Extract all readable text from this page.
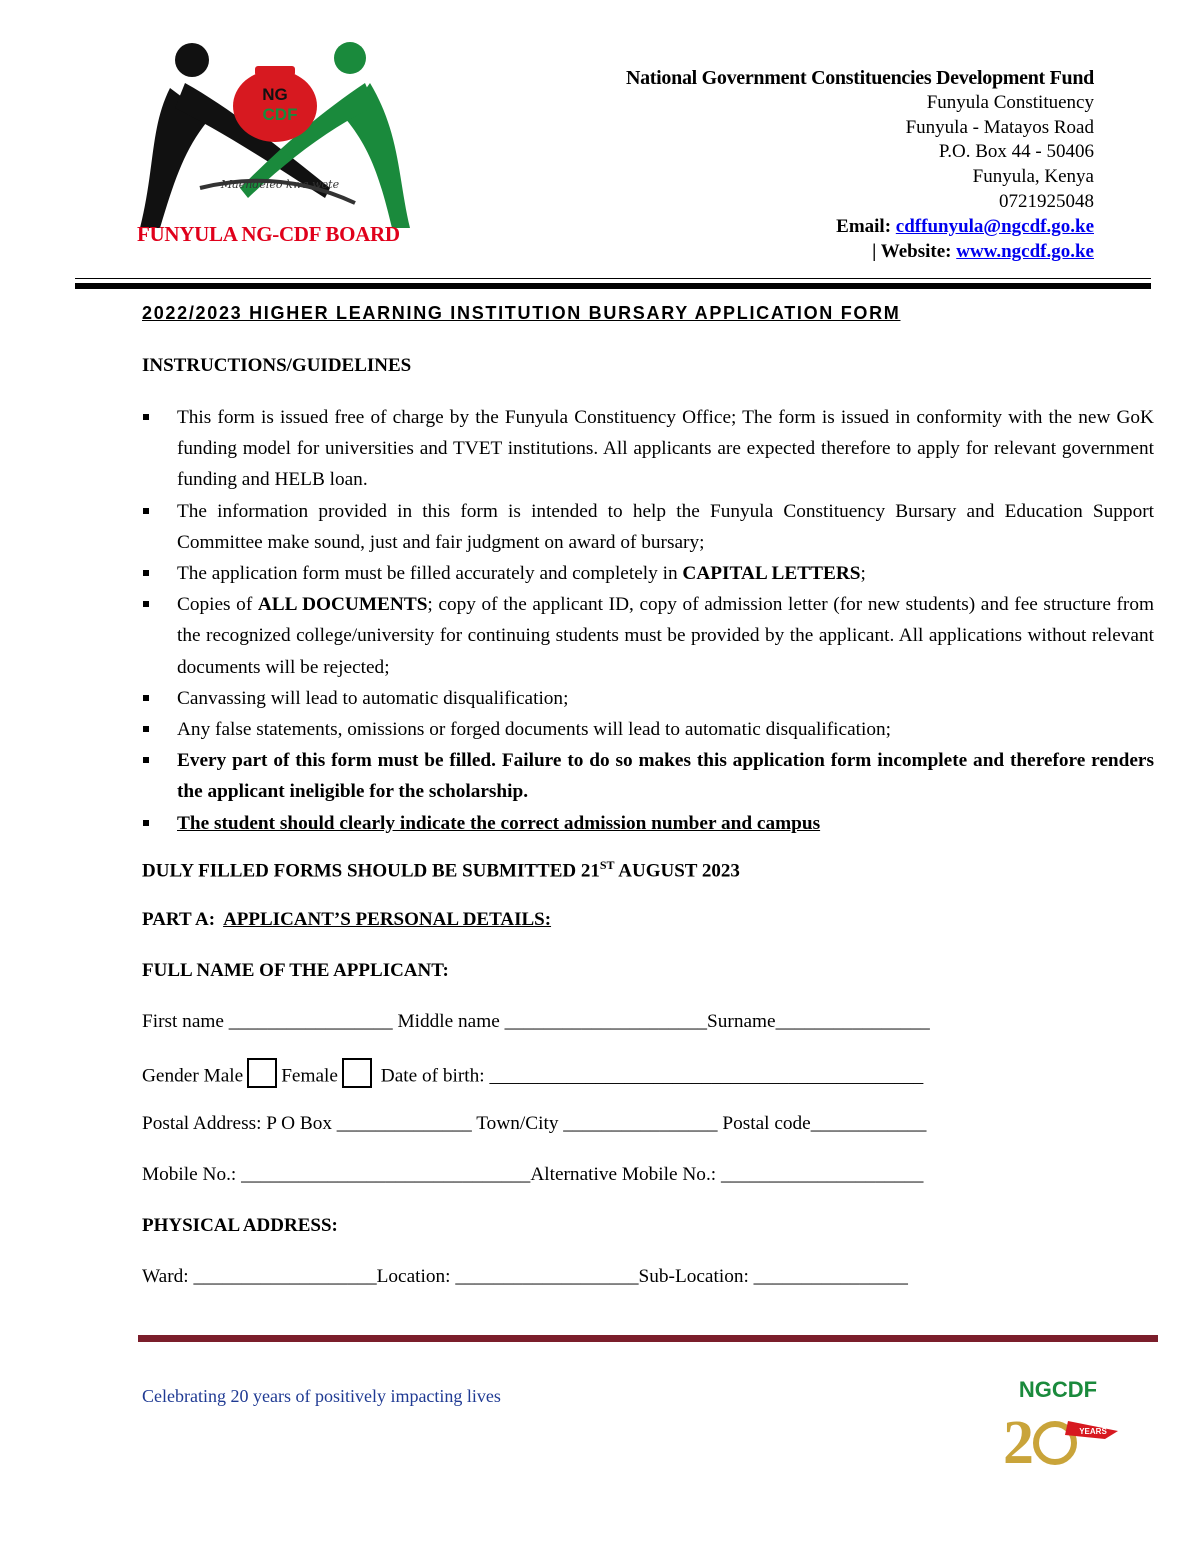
NG
CDF
Maendeleo kwa wote
FUNYULA NG-CDF BOARD
National Government Constituencies Development Fund
Funyula Constituency
Funyula - Matayos Road
P.O. Box 44 - 50406
Funyula, Kenya
0721925048
Email: cdffunyula@ngcdf.go.ke
| Website: www.ngcdf.go.ke
2022/2023 HIGHER LEARNING INSTITUTION BURSARY APPLICATION FORM
INSTRUCTIONS/GUIDELINES
This form is issued free of charge by the Funyula Constituency Office; The form is issued in conformity with the new GoK funding model for universities and TVET institutions. All applicants are expected therefore to apply for relevant government funding and HELB loan.
The information provided in this form is intended to help the Funyula Constituency Bursary and Education Support Committee make sound, just and fair judgment on award of bursary;
The application form must be filled accurately and completely in CAPITAL LETTERS;
Copies of ALL DOCUMENTS; copy of the applicant ID, copy of admission letter (for new students) and fee structure from the recognized college/university for continuing students must be provided by the applicant. All applications without relevant documents will be rejected;
Canvassing will lead to automatic disqualification;
Any false statements, omissions or forged documents will lead to automatic disqualification;
Every part of this form must be filled. Failure to do so makes this application form incomplete and therefore renders the applicant ineligible for the scholarship.
The student should clearly indicate the correct admission number and campus
DULY FILLED FORMS SHOULD BE SUBMITTED 21ST AUGUST 2023
PART A: APPLICANT’S PERSONAL DETAILS:
FULL NAME OF THE APPLICANT:
First name _________________ Middle name _____________________Surname________________
Gender Male Female Date of birth: _____________________________________________
Postal Address: P O Box ______________ Town/City ________________ Postal code____________
Mobile No.: ______________________________Alternative Mobile No.: _____________________
PHYSICAL ADDRESS:
Ward: ___________________Location: ___________________Sub-Location: ________________
Celebrating 20 years of positively impacting lives	NGCDF
2	YEARS
